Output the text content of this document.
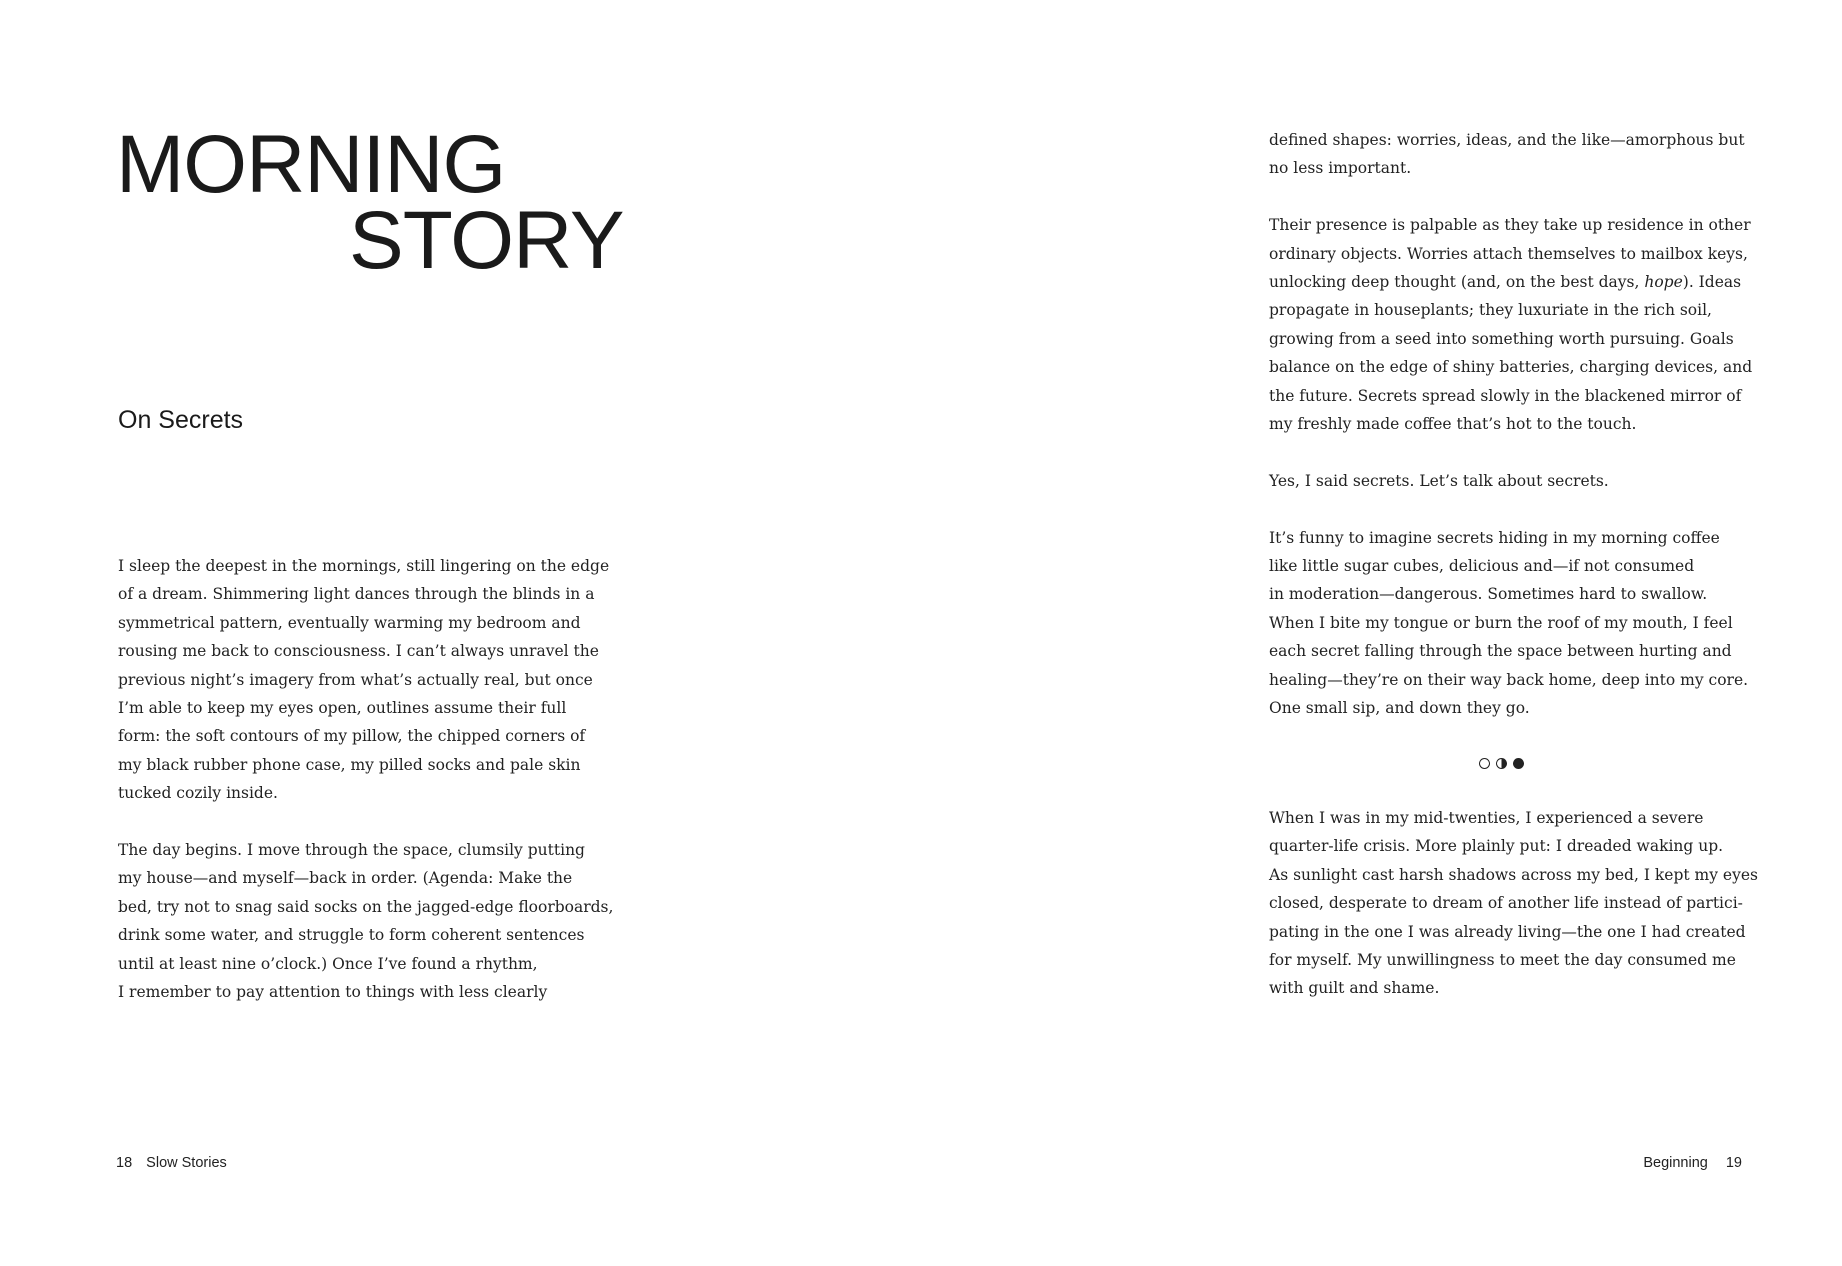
MORNING
STORY
On Secrets
I sleep the deepest in the mornings, still lingering on the edge
of a dream. Shimmering light dances through the blinds in a
symmetrical pattern, eventually warming my bedroom and
rousing me back to consciousness. I can’t always unravel the
previous night’s imagery from what’s actually real, but once
I’m able to keep my eyes open, outlines assume their full
form: the soft contours of my pillow, the chipped corners of
my black rubber phone case, my pilled socks and pale skin
tucked cozily inside.
The day begins. I move through the space, clumsily putting
my house—and myself—back in order. (Agenda: Make the
bed, try not to snag said socks on the jagged-edge floorboards,
drink some water, and struggle to form coherent sentences
until at least nine o’clock.) Once I’ve found a rhythm,
I remember to pay attention to things with less clearly
18 Slow Stories
defined shapes: worries, ideas, and the like—amorphous but
no less important.
Their presence is palpable as they take up residence in other
ordinary objects. Worries attach themselves to mailbox keys,
unlocking deep thought (and, on the best days, hope). Ideas
propagate in houseplants; they luxuriate in the rich soil,
growing from a seed into something worth pursuing. Goals
balance on the edge of shiny batteries, charging devices, and
the future. Secrets spread slowly in the blackened mirror of
my freshly made coffee that’s hot to the touch.
Yes, I said secrets. Let’s talk about secrets.
It’s funny to imagine secrets hiding in my morning coffee
like little sugar cubes, delicious and—if not consumed
in moderation—dangerous. Sometimes hard to swallow.
When I bite my tongue or burn the roof of my mouth, I feel
each secret falling through the space between hurting and
healing—they’re on their way back home, deep into my core.
One small sip, and down they go.
When I was in my mid-twenties, I experienced a severe
quarter-life crisis. More plainly put: I dreaded waking up.
As sunlight cast harsh shadows across my bed, I kept my eyes
closed, desperate to dream of another life instead of partici-
pating in the one I was already living—the one I had created
for myself. My unwillingness to meet the day consumed me
with guilt and shame.
Beginning 19
